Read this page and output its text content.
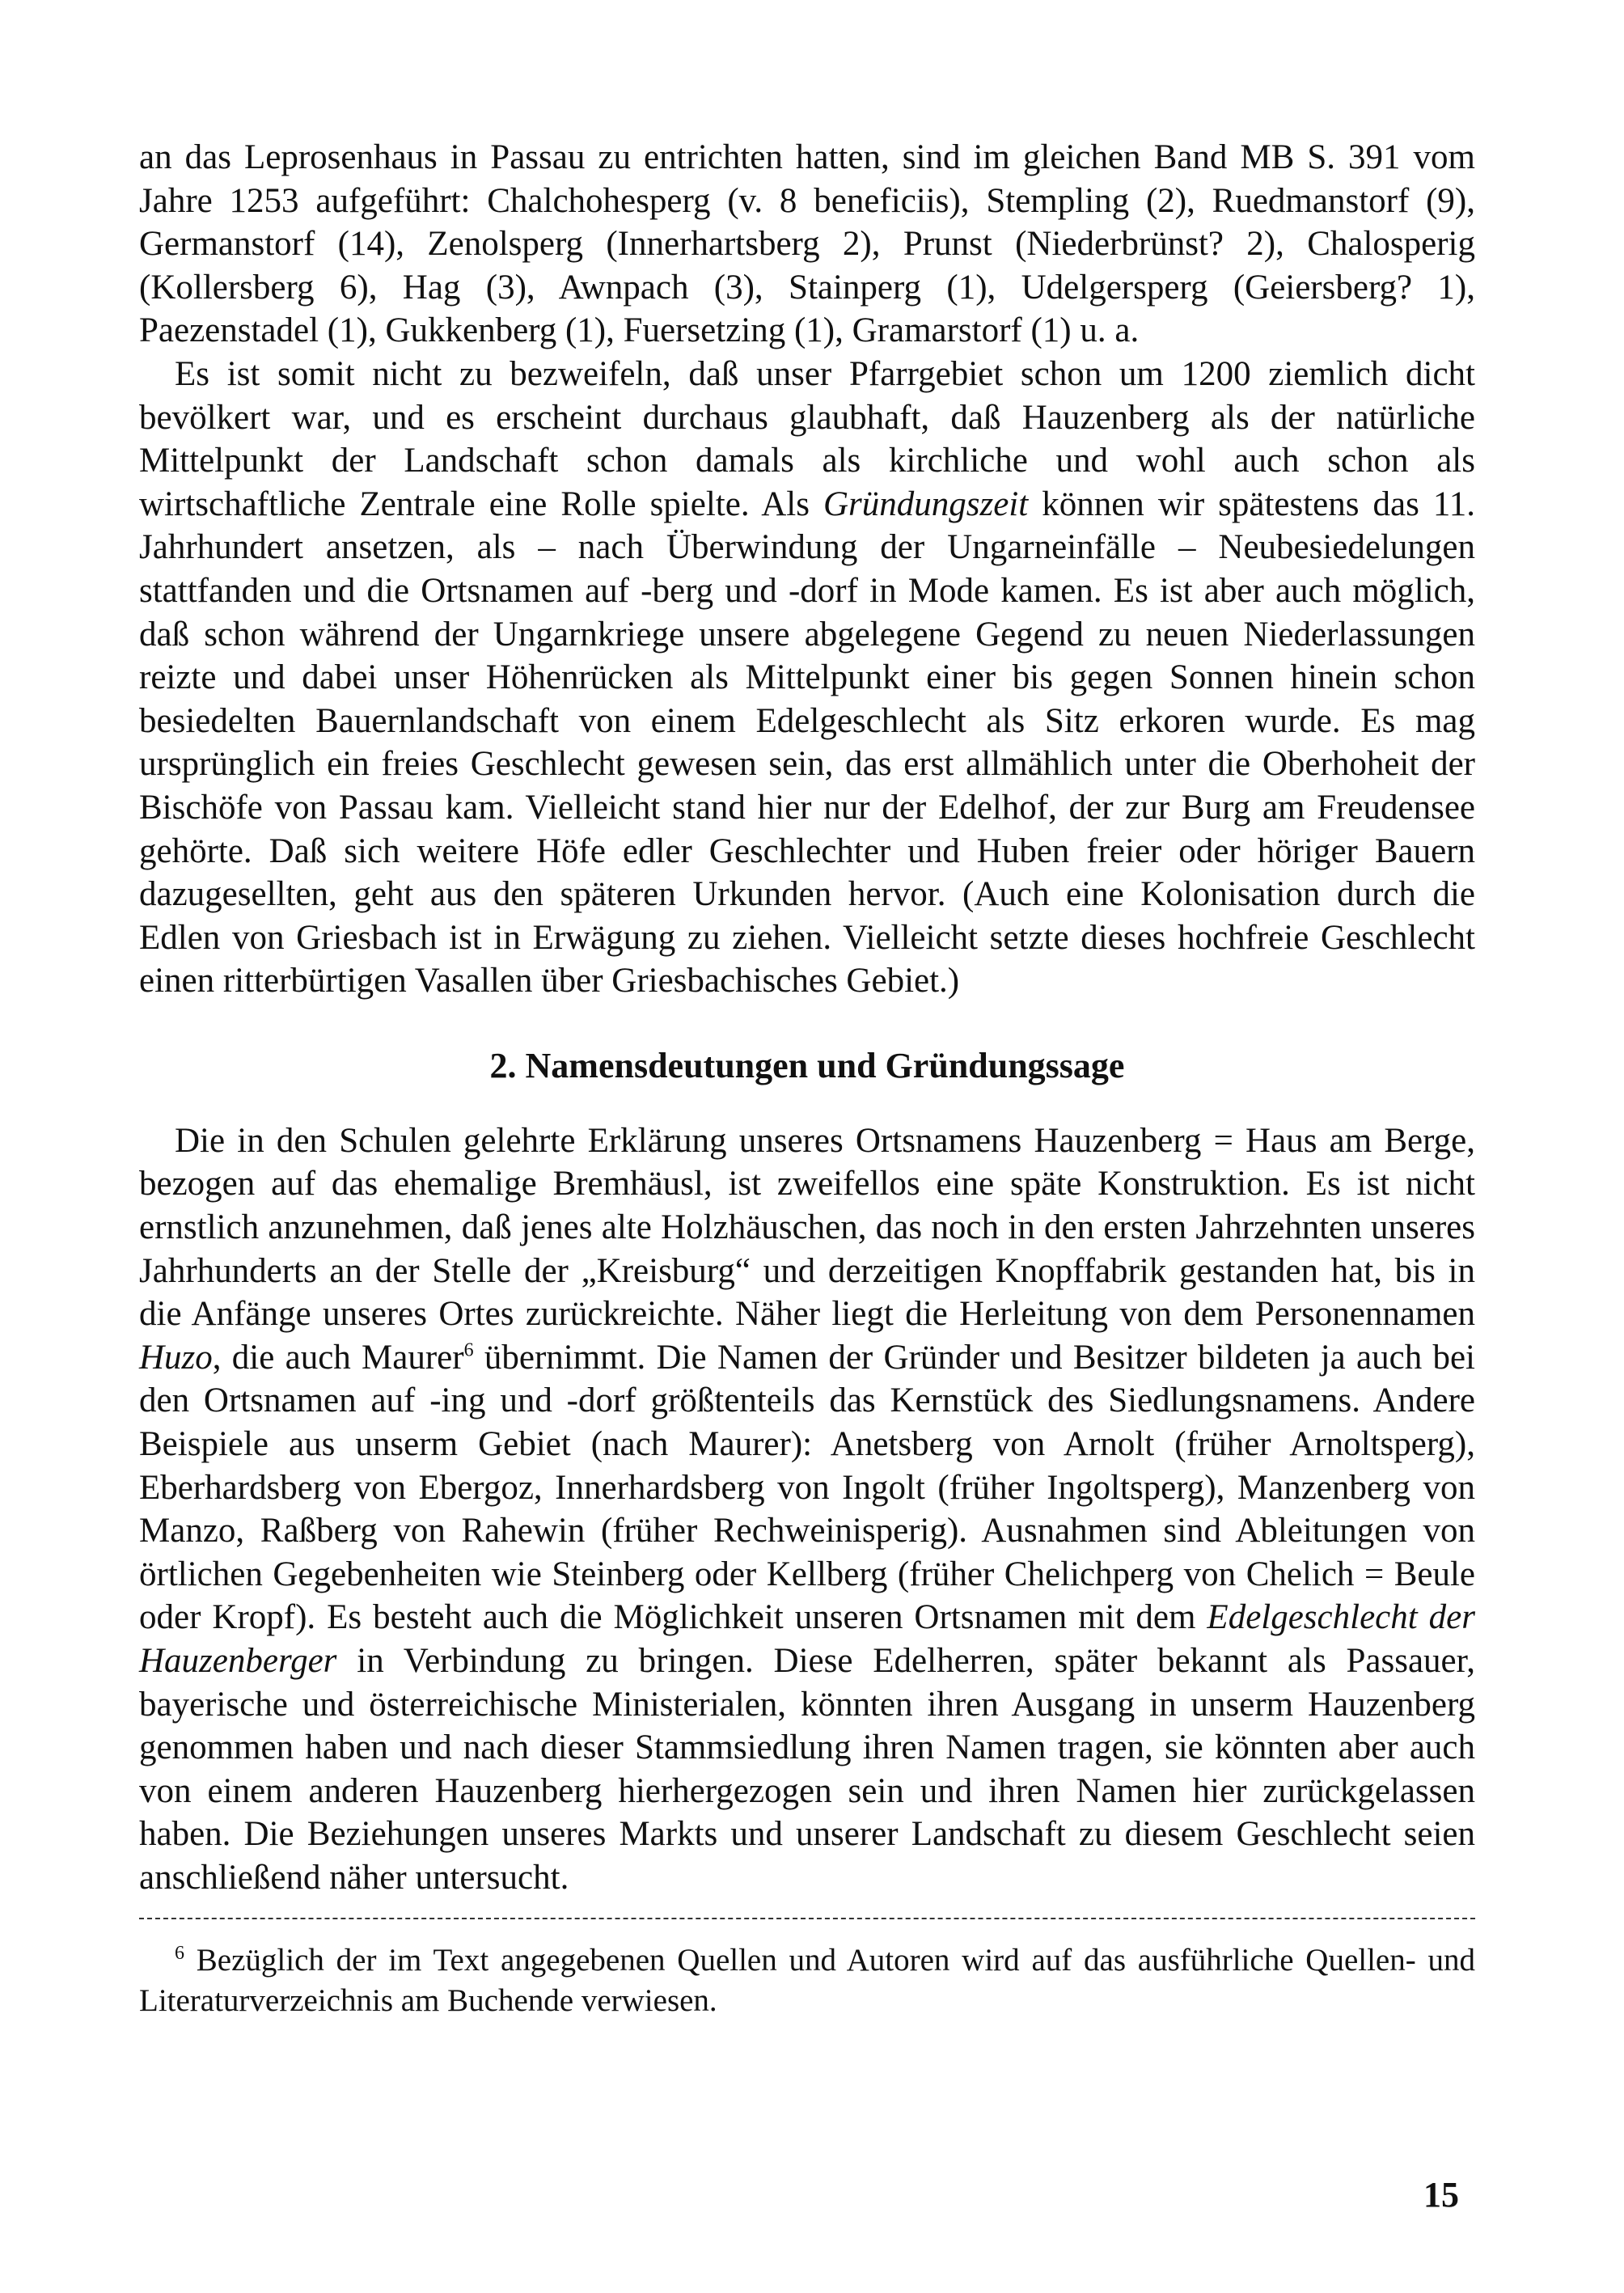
an das Leprosenhaus in Passau zu entrichten hatten, sind im gleichen Band MB S. 391 vom Jahre 1253 aufgeführt: Chalchohesperg (v. 8 beneficiis), Stempling (2), Ruedmanstorf (9), Germanstorf (14), Zenolsperg (Innerhartsberg 2), Prunst (Niederbrünst? 2), Chalosperig (Kollersberg 6), Hag (3), Awnpach (3), Stainperg (1), Udelgersperg (Geiersberg? 1), Paezenstadel (1), Gukkenberg (1), Fuersetzing (1), Gramarstorf (1) u. a.

Es ist somit nicht zu bezweifeln, daß unser Pfarrgebiet schon um 1200 ziemlich dicht bevölkert war, und es erscheint durchaus glaubhaft, daß Hauzenberg als der natürliche Mittelpunkt der Landschaft schon damals als kirchliche und wohl auch schon als wirtschaftliche Zentrale eine Rolle spielte. Als Gründungszeit können wir spätestens das 11. Jahrhundert ansetzen, als – nach Überwindung der Ungarneinfälle – Neubesiedelungen stattfanden und die Ortsnamen auf -berg und -dorf in Mode kamen. Es ist aber auch möglich, daß schon während der Ungarnkriege unsere abgelegene Gegend zu neuen Niederlassungen reizte und dabei unser Höhenrücken als Mittelpunkt einer bis gegen Sonnen hinein schon besiedelten Bauernlandschaft von einem Edelgeschlecht als Sitz erkoren wurde. Es mag ursprünglich ein freies Geschlecht gewesen sein, das erst allmählich unter die Oberhoheit der Bischöfe von Passau kam. Vielleicht stand hier nur der Edelhof, der zur Burg am Freudensee gehörte. Daß sich weitere Höfe edler Geschlechter und Huben freier oder höriger Bauern dazugesellten, geht aus den späteren Urkunden hervor. (Auch eine Kolonisation durch die Edlen von Griesbach ist in Erwägung zu ziehen. Vielleicht setzte dieses hochfreie Geschlecht einen ritterbürtigen Vasallen über Griesbachisches Gebiet.)

2. Namensdeutungen und Gründungssage

Die in den Schulen gelehrte Erklärung unseres Ortsnamens Hauzenberg = Haus am Berge, bezogen auf das ehemalige Bremhäusl, ist zweifellos eine späte Konstruktion. Es ist nicht ernstlich anzunehmen, daß jenes alte Holzhäuschen, das noch in den ersten Jahrzehnten unseres Jahrhunderts an der Stelle der „Kreisburg“ und derzeitigen Knopffabrik gestanden hat, bis in die Anfänge unseres Ortes zurückreichte. Näher liegt die Herleitung von dem Personennamen Huzo, die auch Maurer$^6$ übernimmt. Die Namen der Gründer und Besitzer bildeten ja auch bei den Ortsnamen auf -ing und -dorf größtenteils das Kernstück des Siedlungsnamens. Andere Beispiele aus unserm Gebiet (nach Maurer): Anetsberg von Arnolt (früher Arnoltsperg), Eberhardsberg von Ebergoz, Innerhardsberg von Ingolt (früher Ingoltsperg), Manzenberg von Manzo, Raßberg von Rahewin (früher Rechweinisperig). Ausnahmen sind Ableitungen von örtlichen Gegebenheiten wie Steinberg oder Kellberg (früher Chelichperg von Chelich = Beule oder Kropf). Es besteht auch die Möglichkeit unseren Ortsnamen mit dem Edelgeschlecht der Hauzenberger in Verbindung zu bringen. Diese Edelherren, später bekannt als Passauer, bayerische und österreichische Ministerialen, könnten ihren Ausgang in unserm Hauzenberg genommen haben und nach dieser Stammsiedlung ihren Namen tragen, sie könnten aber auch von einem anderen Hauzenberg hierhergezogen sein und ihren Namen hier zurückgelassen haben. Die Beziehungen unseres Markts und unserer Landschaft zu diesem Geschlecht seien anschließend näher untersucht.

$^6$ Bezüglich der im Text angegebenen Quellen und Autoren wird auf das ausführliche Quellen- und Literaturverzeichnis am Buchende verwiesen.

15
